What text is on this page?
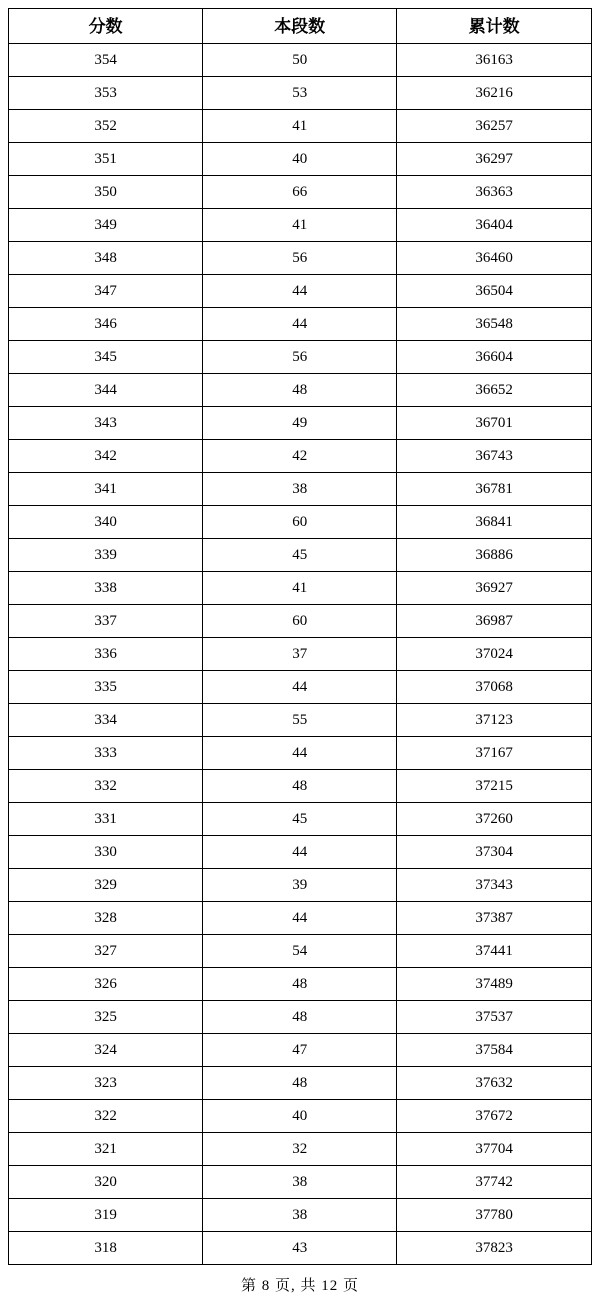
分数	本段数	累计数
354	50	36163
353	53	36216
352	41	36257
351	40	36297
350	66	36363
349	41	36404
348	56	36460
347	44	36504
346	44	36548
345	56	36604
344	48	36652
343	49	36701
342	42	36743
341	38	36781
340	60	36841
339	45	36886
338	41	36927
337	60	36987
336	37	37024
335	44	37068
334	55	37123
333	44	37167
332	48	37215
331	45	37260
330	44	37304
329	39	37343
328	44	37387
327	54	37441
326	48	37489
325	48	37537
324	47	37584
323	48	37632
322	40	37672
321	32	37704
320	38	37742
319	38	37780
318	43	37823
第 8 页, 共 12 页
